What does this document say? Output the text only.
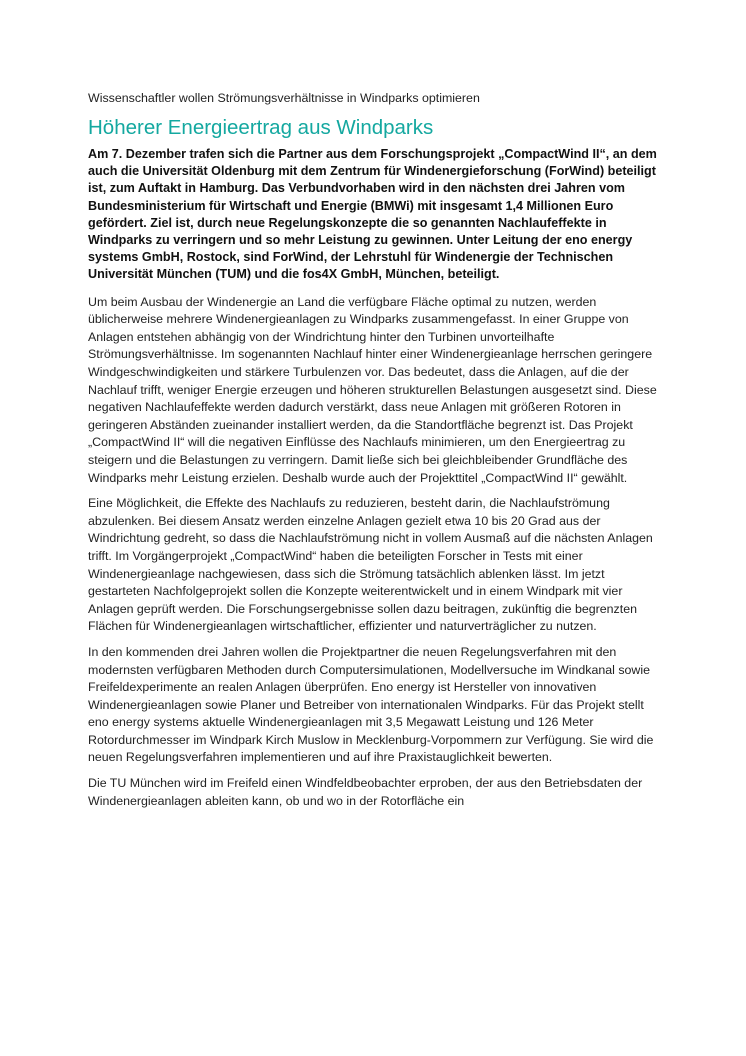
Wissenschaftler wollen Strömungsverhältnisse in Windparks optimieren

Höherer Energieertrag aus Windparks

Am 7. Dezember trafen sich die Partner aus dem Forschungsprojekt „CompactWind II“, an dem auch die Universität Oldenburg mit dem Zentrum für Windenergieforschung (ForWind) beteiligt ist, zum Auftakt in Hamburg. Das Verbundvorhaben wird in den nächsten drei Jahren vom Bundesministerium für Wirtschaft und Energie (BMWi) mit insgesamt 1,4 Millionen Euro gefördert. Ziel ist, durch neue Regelungskonzepte die so genannten Nachlaufeffekte in Windparks zu verringern und so mehr Leistung zu gewinnen. Unter Leitung der eno energy systems GmbH, Rostock, sind ForWind, der Lehrstuhl für Windenergie der Technischen Universität München (TUM) und die fos4X GmbH, München, beteiligt.

Um beim Ausbau der Windenergie an Land die verfügbare Fläche optimal zu nutzen, werden üblicherweise mehrere Windenergieanlagen zu Windparks zusammengefasst. In einer Gruppe von Anlagen entstehen abhängig von der Windrichtung hinter den Turbinen unvorteilhafte Strömungsverhältnisse. Im sogenannten Nachlauf hinter einer Windenergieanlage herrschen geringere Windgeschwindigkeiten und stärkere Turbulenzen vor. Das bedeutet, dass die Anlagen, auf die der Nachlauf trifft, weniger Energie erzeugen und höheren strukturellen Belastungen ausgesetzt sind. Diese negativen Nachlaufeffekte werden dadurch verstärkt, dass neue Anlagen mit größeren Rotoren in geringeren Abständen zueinander installiert werden, da die Standortfläche begrenzt ist. Das Projekt „CompactWind II“ will die negativen Einflüsse des Nachlaufs minimieren, um den Energieertrag zu steigern und die Belastungen zu verringern. Damit ließe sich bei gleichbleibender Grundfläche des Windparks mehr Leistung erzielen. Deshalb wurde auch der Projekttitel „CompactWind II“ gewählt.

Eine Möglichkeit, die Effekte des Nachlaufs zu reduzieren, besteht darin, die Nachlaufströmung abzulenken. Bei diesem Ansatz werden einzelne Anlagen gezielt etwa 10 bis 20 Grad aus der Windrichtung gedreht, so dass die Nachlaufströmung nicht in vollem Ausmaß auf die nächsten Anlagen trifft. Im Vorgängerprojekt „CompactWind“ haben die beteiligten Forscher in Tests mit einer Windenergieanlage nachgewiesen, dass sich die Strömung tatsächlich ablenken lässt. Im jetzt gestarteten Nachfolgeprojekt sollen die Konzepte weiterentwickelt und in einem Windpark mit vier Anlagen geprüft werden. Die Forschungsergebnisse sollen dazu beitragen, zukünftig die begrenzten Flächen für Windenergieanlagen wirtschaftlicher, effizienter und naturverträglicher zu nutzen.

In den kommenden drei Jahren wollen die Projektpartner die neuen Regelungsverfahren mit den modernsten verfügbaren Methoden durch Computersimulationen, Modellversuche im Windkanal sowie Freifeldexperimente an realen Anlagen überprüfen. Eno energy ist Hersteller von innovativen Windenergieanlagen sowie Planer und Betreiber von internationalen Windparks. Für das Projekt stellt eno energy systems aktuelle Windenergieanlagen mit 3,5 Megawatt Leistung und 126 Meter Rotordurchmesser im Windpark Kirch Muslow in Mecklenburg-Vorpommern zur Verfügung. Sie wird die neuen Regelungsverfahren implementieren und auf ihre Praxistauglichkeit bewerten.

Die TU München wird im Freifeld einen Windfeldbeobachter erproben, der aus den Betriebsdaten der Windenergieanlagen ableiten kann, ob und wo in der Rotorfläche ein
